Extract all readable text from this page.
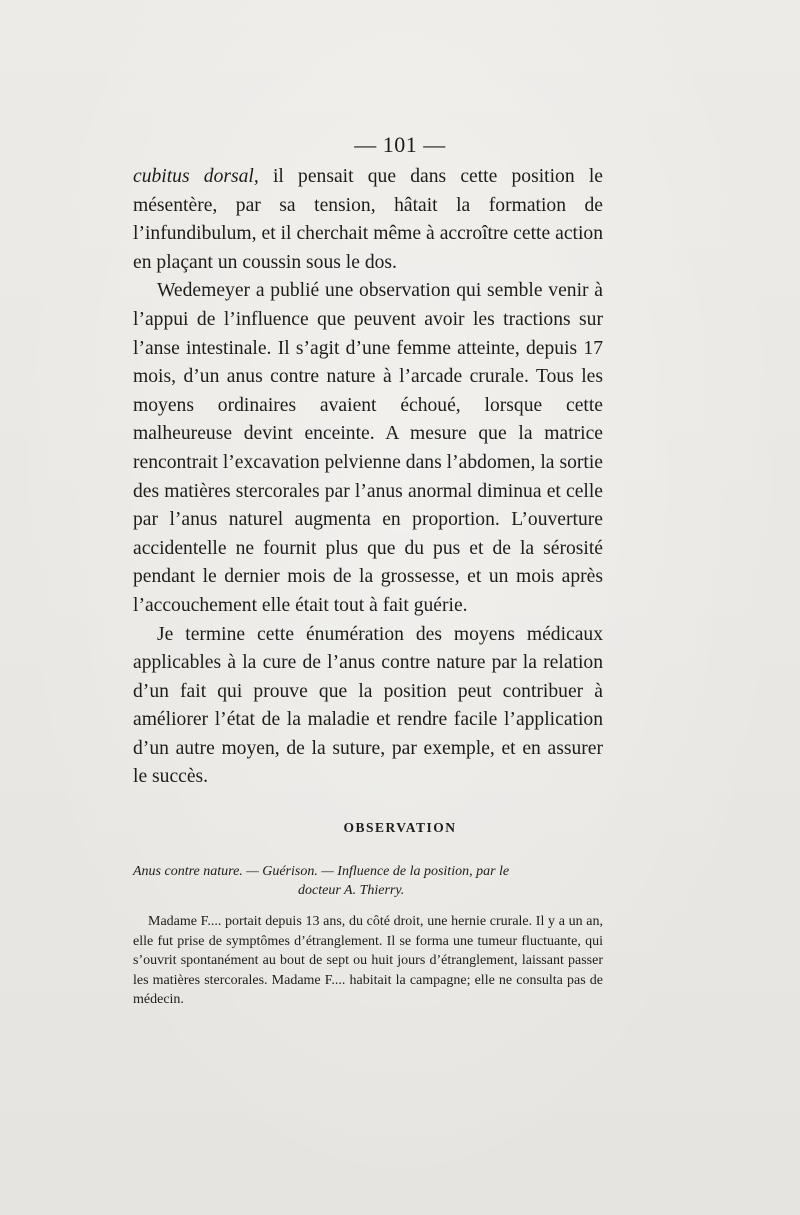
— 101 —

cubitus dorsal, il pensait que dans cette position le mésentère, par sa tension, hâtait la formation de l’infundibulum, et il cherchait même à accroître cette action en plaçant un coussin sous le dos.

Wedemeyer a publié une observation qui semble venir à l’appui de l’influence que peuvent avoir les tractions sur l’anse intestinale. Il s’agit d’une femme atteinte, depuis 17 mois, d’un anus contre nature à l’arcade crurale. Tous les moyens ordinaires avaient échoué, lorsque cette malheureuse devint enceinte. A mesure que la matrice rencontrait l’excavation pelvienne dans l’abdomen, la sortie des matières stercorales par l’anus anormal diminua et celle par l’anus naturel augmenta en proportion. L’ouverture accidentelle ne fournit plus que du pus et de la sérosité pendant le dernier mois de la grossesse, et un mois après l’accouchement elle était tout à fait guérie.

Je termine cette énumération des moyens médicaux applicables à la cure de l’anus contre nature par la relation d’un fait qui prouve que la position peut contribuer à améliorer l’état de la maladie et rendre facile l’application d’un autre moyen, de la suture, par exemple, et en assurer le succès.

OBSERVATION

Anus contre nature. — Guérison. — Influence de la position, par le
docteur A. Thierry.

Madame F.... portait depuis 13 ans, du côté droit, une hernie crurale. Il y a un an, elle fut prise de symptômes d’étranglement. Il se forma une tumeur fluctuante, qui s’ouvrit spontanément au bout de sept ou huit jours d’étranglement, laissant passer les matières stercorales. Madame F.... habitait la campagne; elle ne consulta pas de médecin.
